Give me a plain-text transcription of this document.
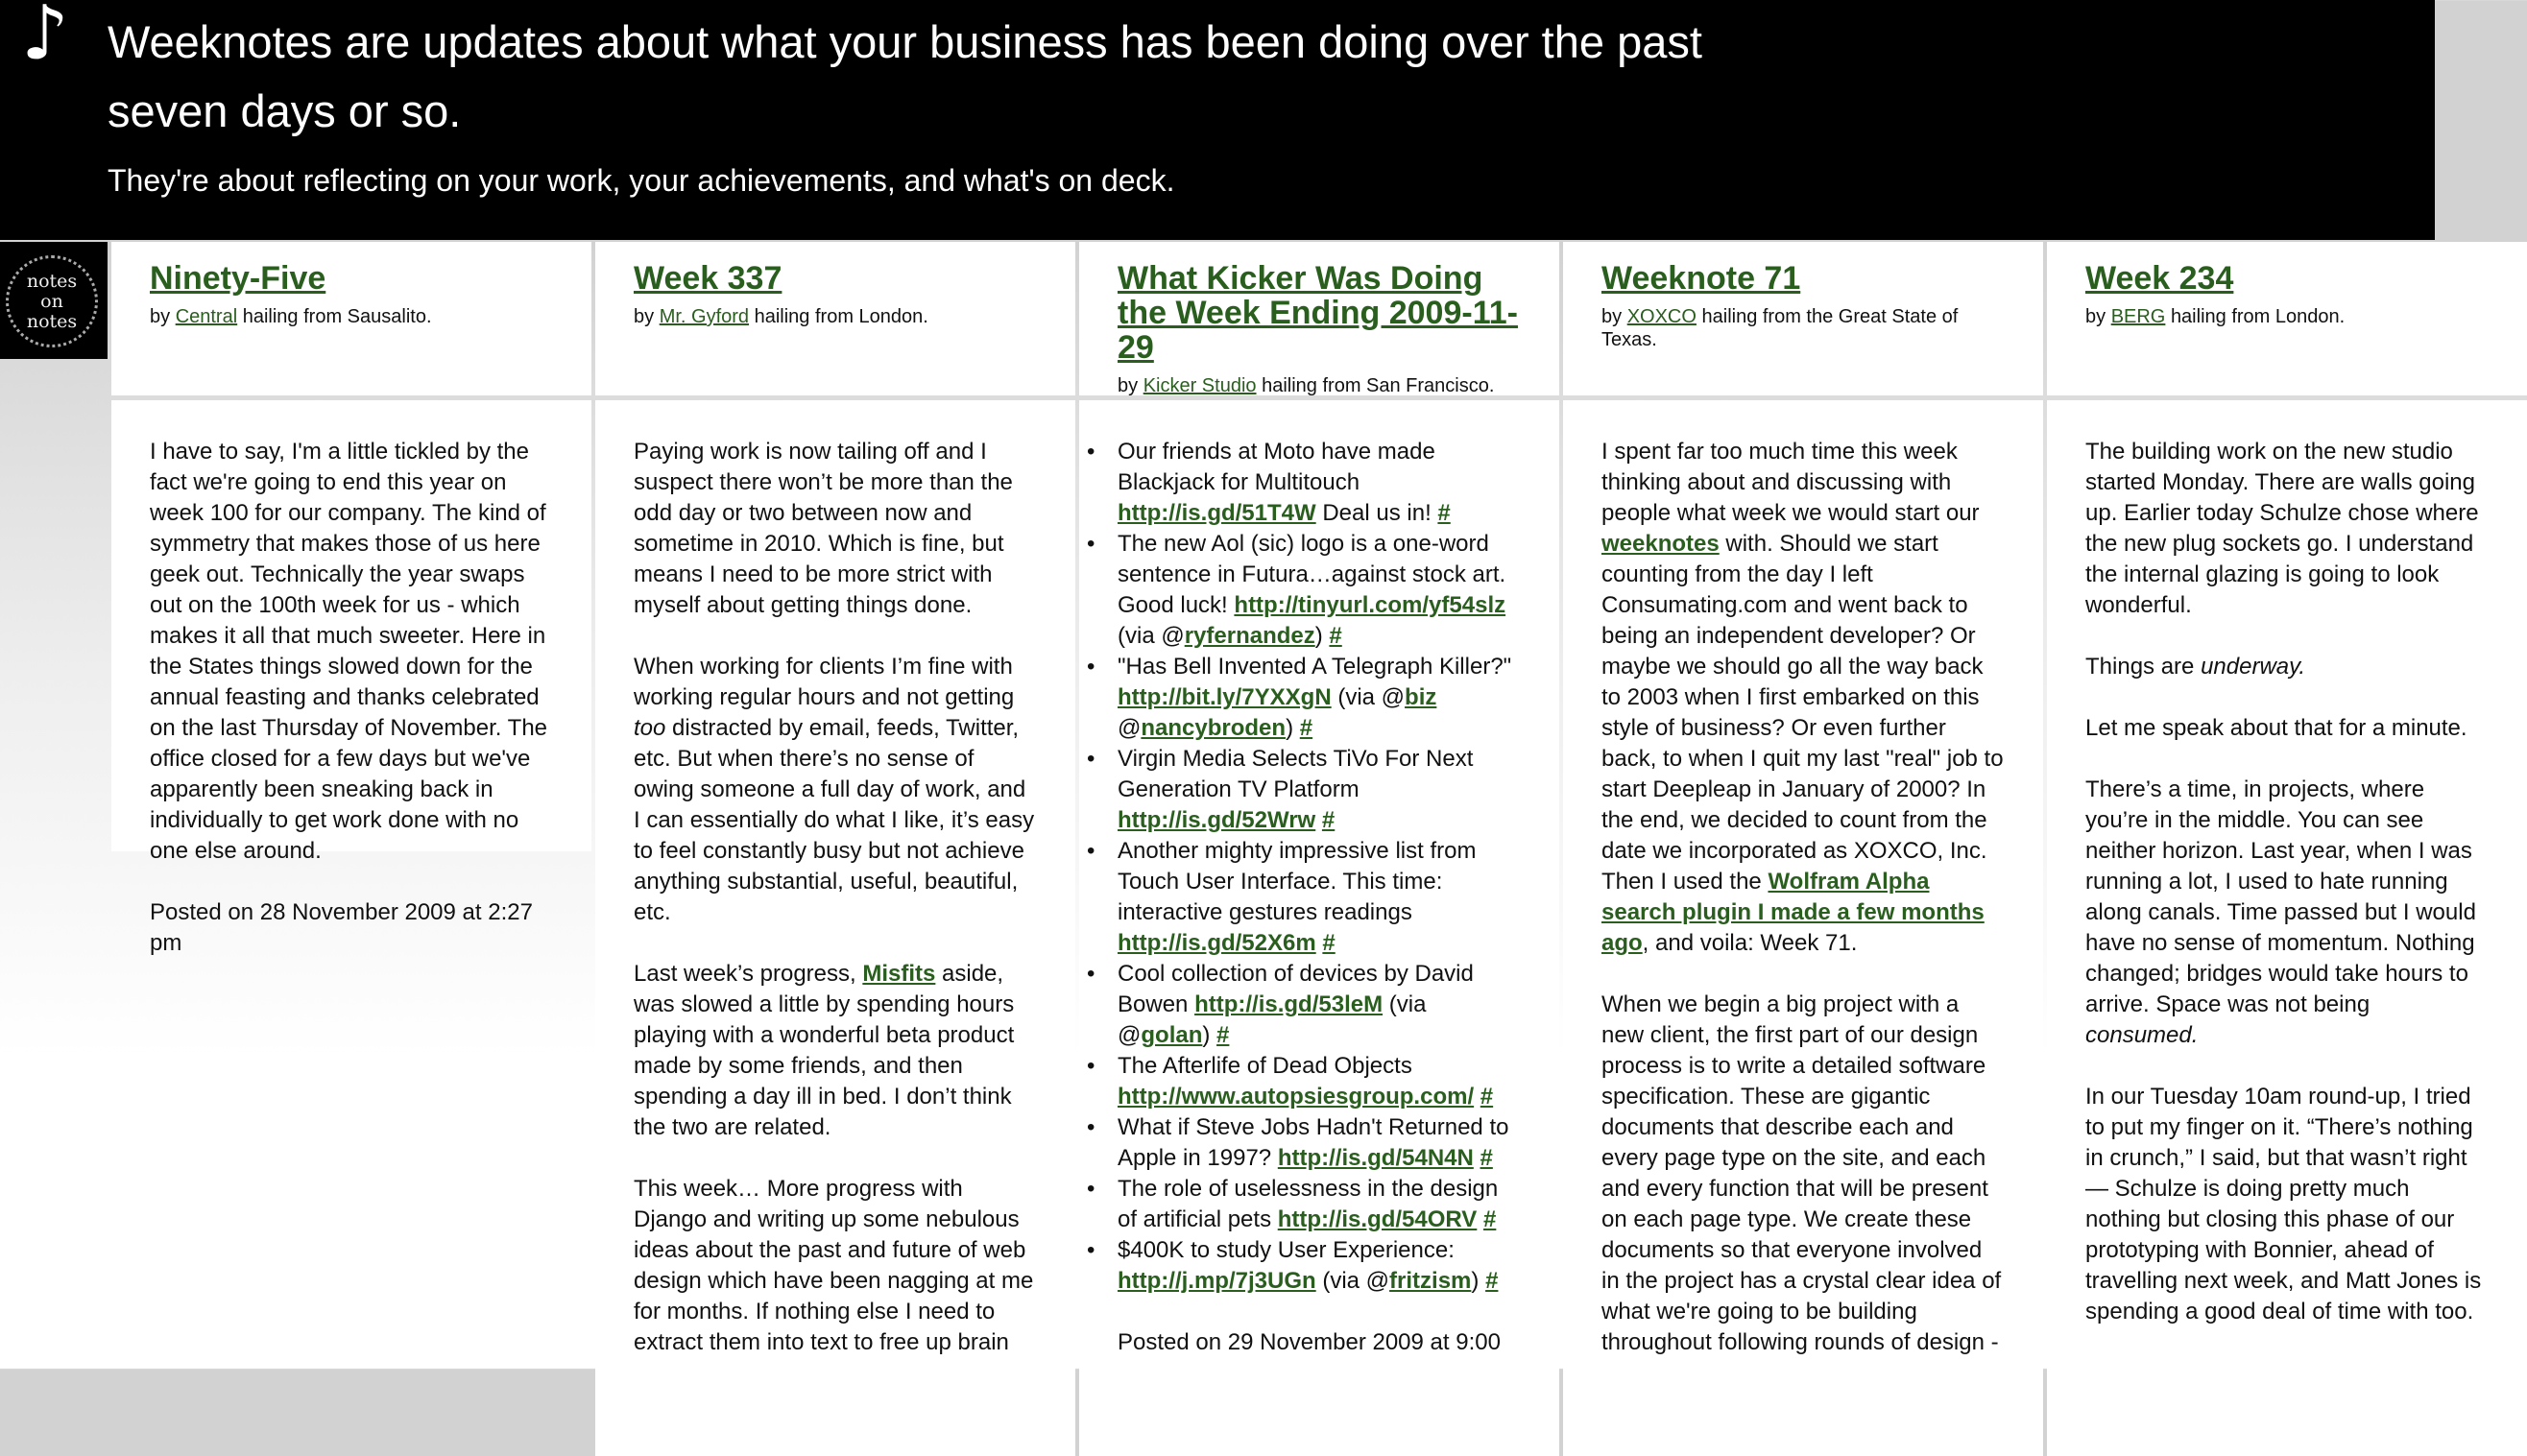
♪ Weeknotes are updates about what your business has been doing over the past seven days or so.

They're about reflecting on your work, your achievements, and what's on deck.

notes
on
notes
Ninety-Five
by Central hailing from Sausalito.

I have to say, I'm a little tickled by the fact we're going to end this year on week 100 for our company. The kind of symmetry that makes those of us here geek out. Technically the year swaps out on the 100th week for us - which makes it all that much sweeter. Here in the States things slowed down for the annual feasting and thanks celebrated on the last Thursday of November. The office closed for a few days but we've apparently been sneaking back in individually to get work done with no one else around.

Posted on 28 November 2009 at 2:27 pm

Week 337
by Mr. Gyford hailing from London.

Paying work is now tailing off and I suspect there won’t be more than the odd day or two between now and sometime in 2010. Which is fine, but means I need to be more strict with myself about getting things done.

When working for clients I’m fine with working regular hours and not getting too distracted by email, feeds, Twitter, etc. But when there’s no sense of owing someone a full day of work, and I can essentially do what I like, it’s easy to feel constantly busy but not achieve anything substantial, useful, beautiful, etc.

Last week’s progress, Misfits aside, was slowed a little by spending hours playing with a wonderful beta product made by some friends, and then spending a day ill in bed. I don’t think the two are related.

This week… More progress with Django and writing up some nebulous ideas about the past and future of web design which have been nagging at me for months. If nothing else I need to extract them into text to free up brain

What Kicker Was Doing the Week Ending 2009-11-29
by Kicker Studio hailing from San Francisco.
• Our friends at Moto have made Blackjack for Multitouch http://is.gd/51T4W Deal us in! #
• The new Aol (sic) logo is a one-word sentence in Futura…against stock art. Good luck! http://tinyurl.com/yf54slz (via @ryfernandez) #
• "Has Bell Invented A Telegraph Killer?" http://bit.ly/7YXXgN (via @biz @nancybroden) #
• Virgin Media Selects TiVo For Next Generation TV Platform http://is.gd/52Wrw #
• Another mighty impressive list from Touch User Interface. This time: interactive gestures readings http://is.gd/52X6m #
• Cool collection of devices by David Bowen http://is.gd/53leM (via @golan) #
• The Afterlife of Dead Objects http://www.autopsiesgroup.com/ #
• What if Steve Jobs Hadn't Returned to Apple in 1997? http://is.gd/54N4N #
• The role of uselessness in the design of artificial pets http://is.gd/54ORV #
• $400K to study User Experience: http://j.mp/7j3UGn (via @fritzism) #

Posted on 29 November 2009 at 9:00

Weeknote 71
by XOXCO hailing from the Great State of Texas.

I spent far too much time this week thinking about and discussing with people what week we would start our weeknotes with. Should we start counting from the day I left Consumating.com and went back to being an independent developer? Or maybe we should go all the way back to 2003 when I first embarked on this style of business? Or even further back, to when I quit my last "real" job to start Deepleap in January of 2000? In the end, we decided to count from the date we incorporated as XOXCO, Inc. Then I used the Wolfram Alpha search plugin I made a few months ago, and voila: Week 71.

When we begin a big project with a new client, the first part of our design process is to write a detailed software specification. These are gigantic documents that describe each and every page type on the site, and each and every function that will be present on each page type. We create these documents so that everyone involved in the project has a crystal clear idea of what we're going to be building throughout following rounds of design -

Week 234
by BERG hailing from London.

The building work on the new studio started Monday. There are walls going up. Earlier today Schulze chose where the new plug sockets go. I understand the internal glazing is going to look wonderful.

Things are underway.

Let me speak about that for a minute.

There’s a time, in projects, where you’re in the middle. You can see neither horizon. Last year, when I was running a lot, I used to hate running along canals. Time passed but I would have no sense of momentum. Nothing changed; bridges would take hours to arrive. Space was not being consumed.

In our Tuesday 10am round-up, I tried to put my finger on it. “There’s nothing in crunch,” I said, but that wasn’t right — Schulze is doing pretty much nothing but closing this phase of our prototyping with Bonnier, ahead of travelling next week, and Matt Jones is spending a good deal of time with too.
